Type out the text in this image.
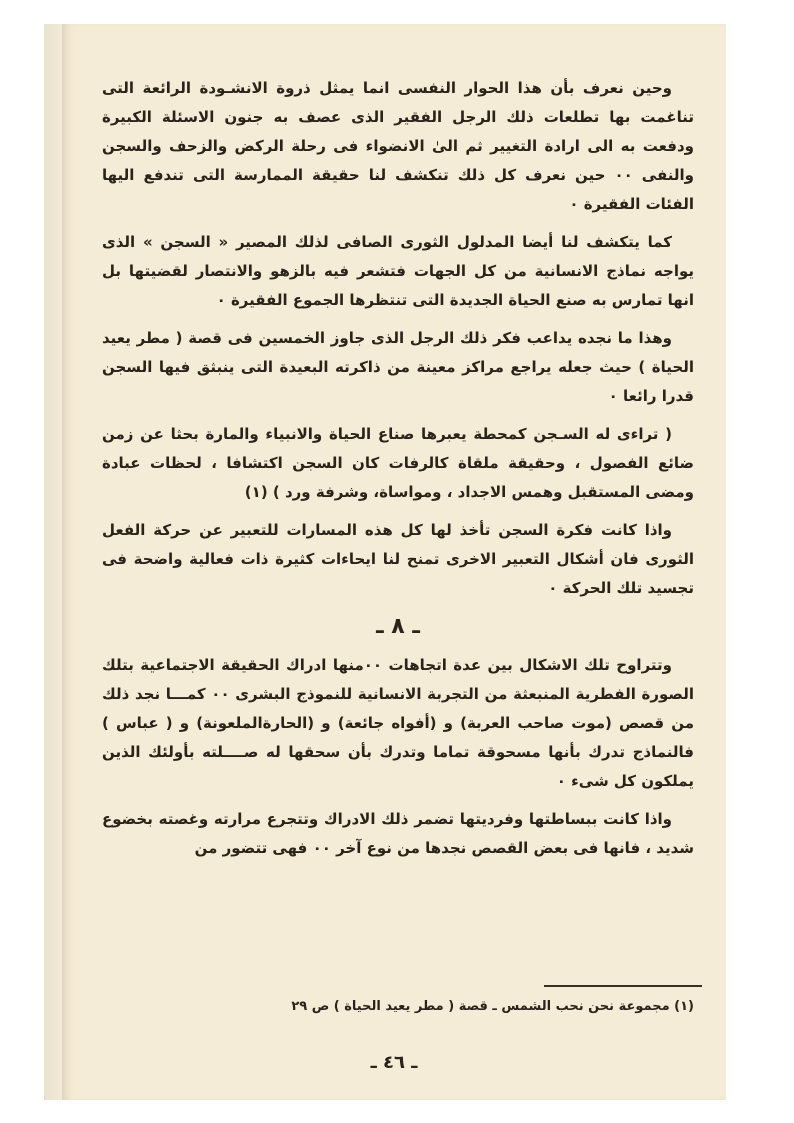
وحين نعرف بأن هذا الحوار النفسى انما يمثل ذروة الانشـودة الرائعة التى تناغمت بها تطلعات ذلك الرجل الفقير الذى عصف به جنون الاسئلة الكبيرة ودفعت به الى ارادة التغيير ثم الىٰ الانضواء فى رحلة الركض والزحف والسجن والنفى ٠٠ حين نعرف كل ذلك تنكشف لنا حقيقة الممارسة التى تندفع اليها الفئات الفقيرة ٠

كما يتكشف لنا أيضا المدلول الثورى الصافى لذلك المصير « السجن » الذى يواجه نماذج الانسانية من كل الجهات فتشعر فيه بالزهو والانتصار لقضيتها بل انها تمارس به صنع الحياة الجديدة التى تنتظرها الجموع الفقيرة ٠

وهذا ما نجده يداعب فكر ذلك الرجل الذى جاوز الخمسين فى قصة ( مطر يعيد الحياة ) حيث جعله يراجع مراكز معينة من ذاكرته البعيدة التى ينبثق فيها السجن قدرا رائعا ٠

( تراءى له السـجن كمحطة يعبرها صناع الحياة والانبياء والمارة بحثا عن زمن ضائع الفصول ، وحقيقة ملقاة كالرفات كان السجن اكتشافا ، لحظات عبادة ومضى المستقبل وهمس الاجداد ، ومواساة، وشرفة ورد ) (١)

واذا كانت فكرة السجن تأخذ لها كل هذه المسارات للتعبير عن حركة الفعل الثورى فان أشكال التعبير الاخرى تمنح لنا ايحاءات كثيرة ذات فعالية واضحة فى تجسيد تلك الحركة ٠

ـ ٨ ـ

وتتراوح تلك الاشكال بين عدة اتجاهات ٠٠منها ادراك الحقيقة الاجتماعية بتلك الصورة الفطرية المنبعثة من التجربة الانسانية للنموذج البشرى ٠٠ كمـــا نجد ذلك من قصص (موت صاحب العربة) و (أفواه جائعة) و (الحارةالملعونة) و ( عباس ) فالنماذج تدرك بأنها مسحوقة تماما وتدرك بأن سحقها له صــــلته بأولئك الذين يملكون كل شىء ٠

واذا كانت ببساطتها وفرديتها تضمر ذلك الادراك وتتجرع مرارته وغصته بخضوع شديد ، فانها فى بعض القصص نجدها من نوع آخر ٠٠ فهى تتضور من

(١) مجموعة نحن نحب الشمس ـ قصة ( مطر يعيد الحياة ) ص ٢٩
ـ ٤٦ ـ
